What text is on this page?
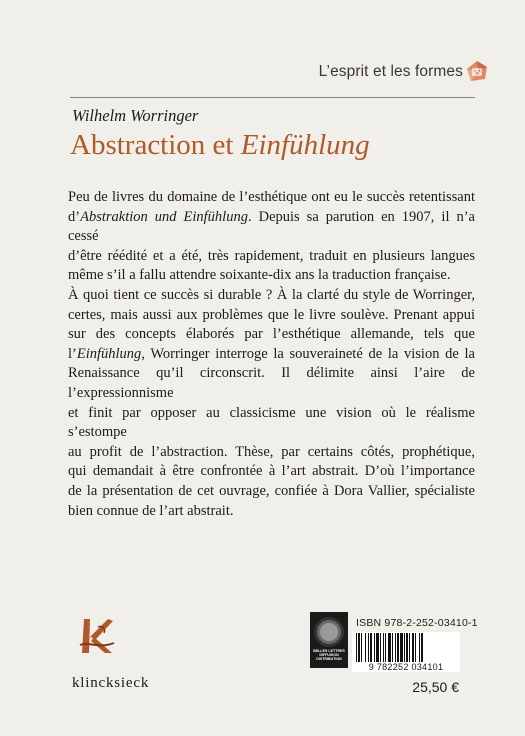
L’esprit et les formes
Wilhelm Worringer
Abstraction et Einfühlung
Peu de livres du domaine de l’esthétique ont eu le succès retentissant
d’Abstraktion und Einfühlung. Depuis sa parution en 1907, il n’a cessé
d’être réédité et a été, très rapidement, traduit en plusieurs langues
même s’il a fallu attendre soixante-dix ans la traduction française.
À quoi tient ce succès si durable ? À la clarté du style de Worringer,
certes, mais aussi aux problèmes que le livre soulève. Prenant appui
sur des concepts élaborés par l’esthétique allemande, tels que
l’Einfühlung, Worringer interroge la souveraineté de la vision de la
Renaissance qu’il circonscrit. Il délimite ainsi l’aire de l’expressionnisme
et finit par opposer au classicisme une vision où le réalisme s’estompe
au profit de l’abstraction. Thèse, par certains côtés, prophétique,
qui demandait à être confrontée à l’art abstrait. D’où l’importance
de la présentation de cet ouvrage, confiée à Dora Vallier, spécialiste
bien connue de l’art abstrait.
klincksieck
BELLES LETTRES DIFFUSION DISTRIBUTION
ISBN 978-2-252-03410-1
9 782252 034101
25,50 €
